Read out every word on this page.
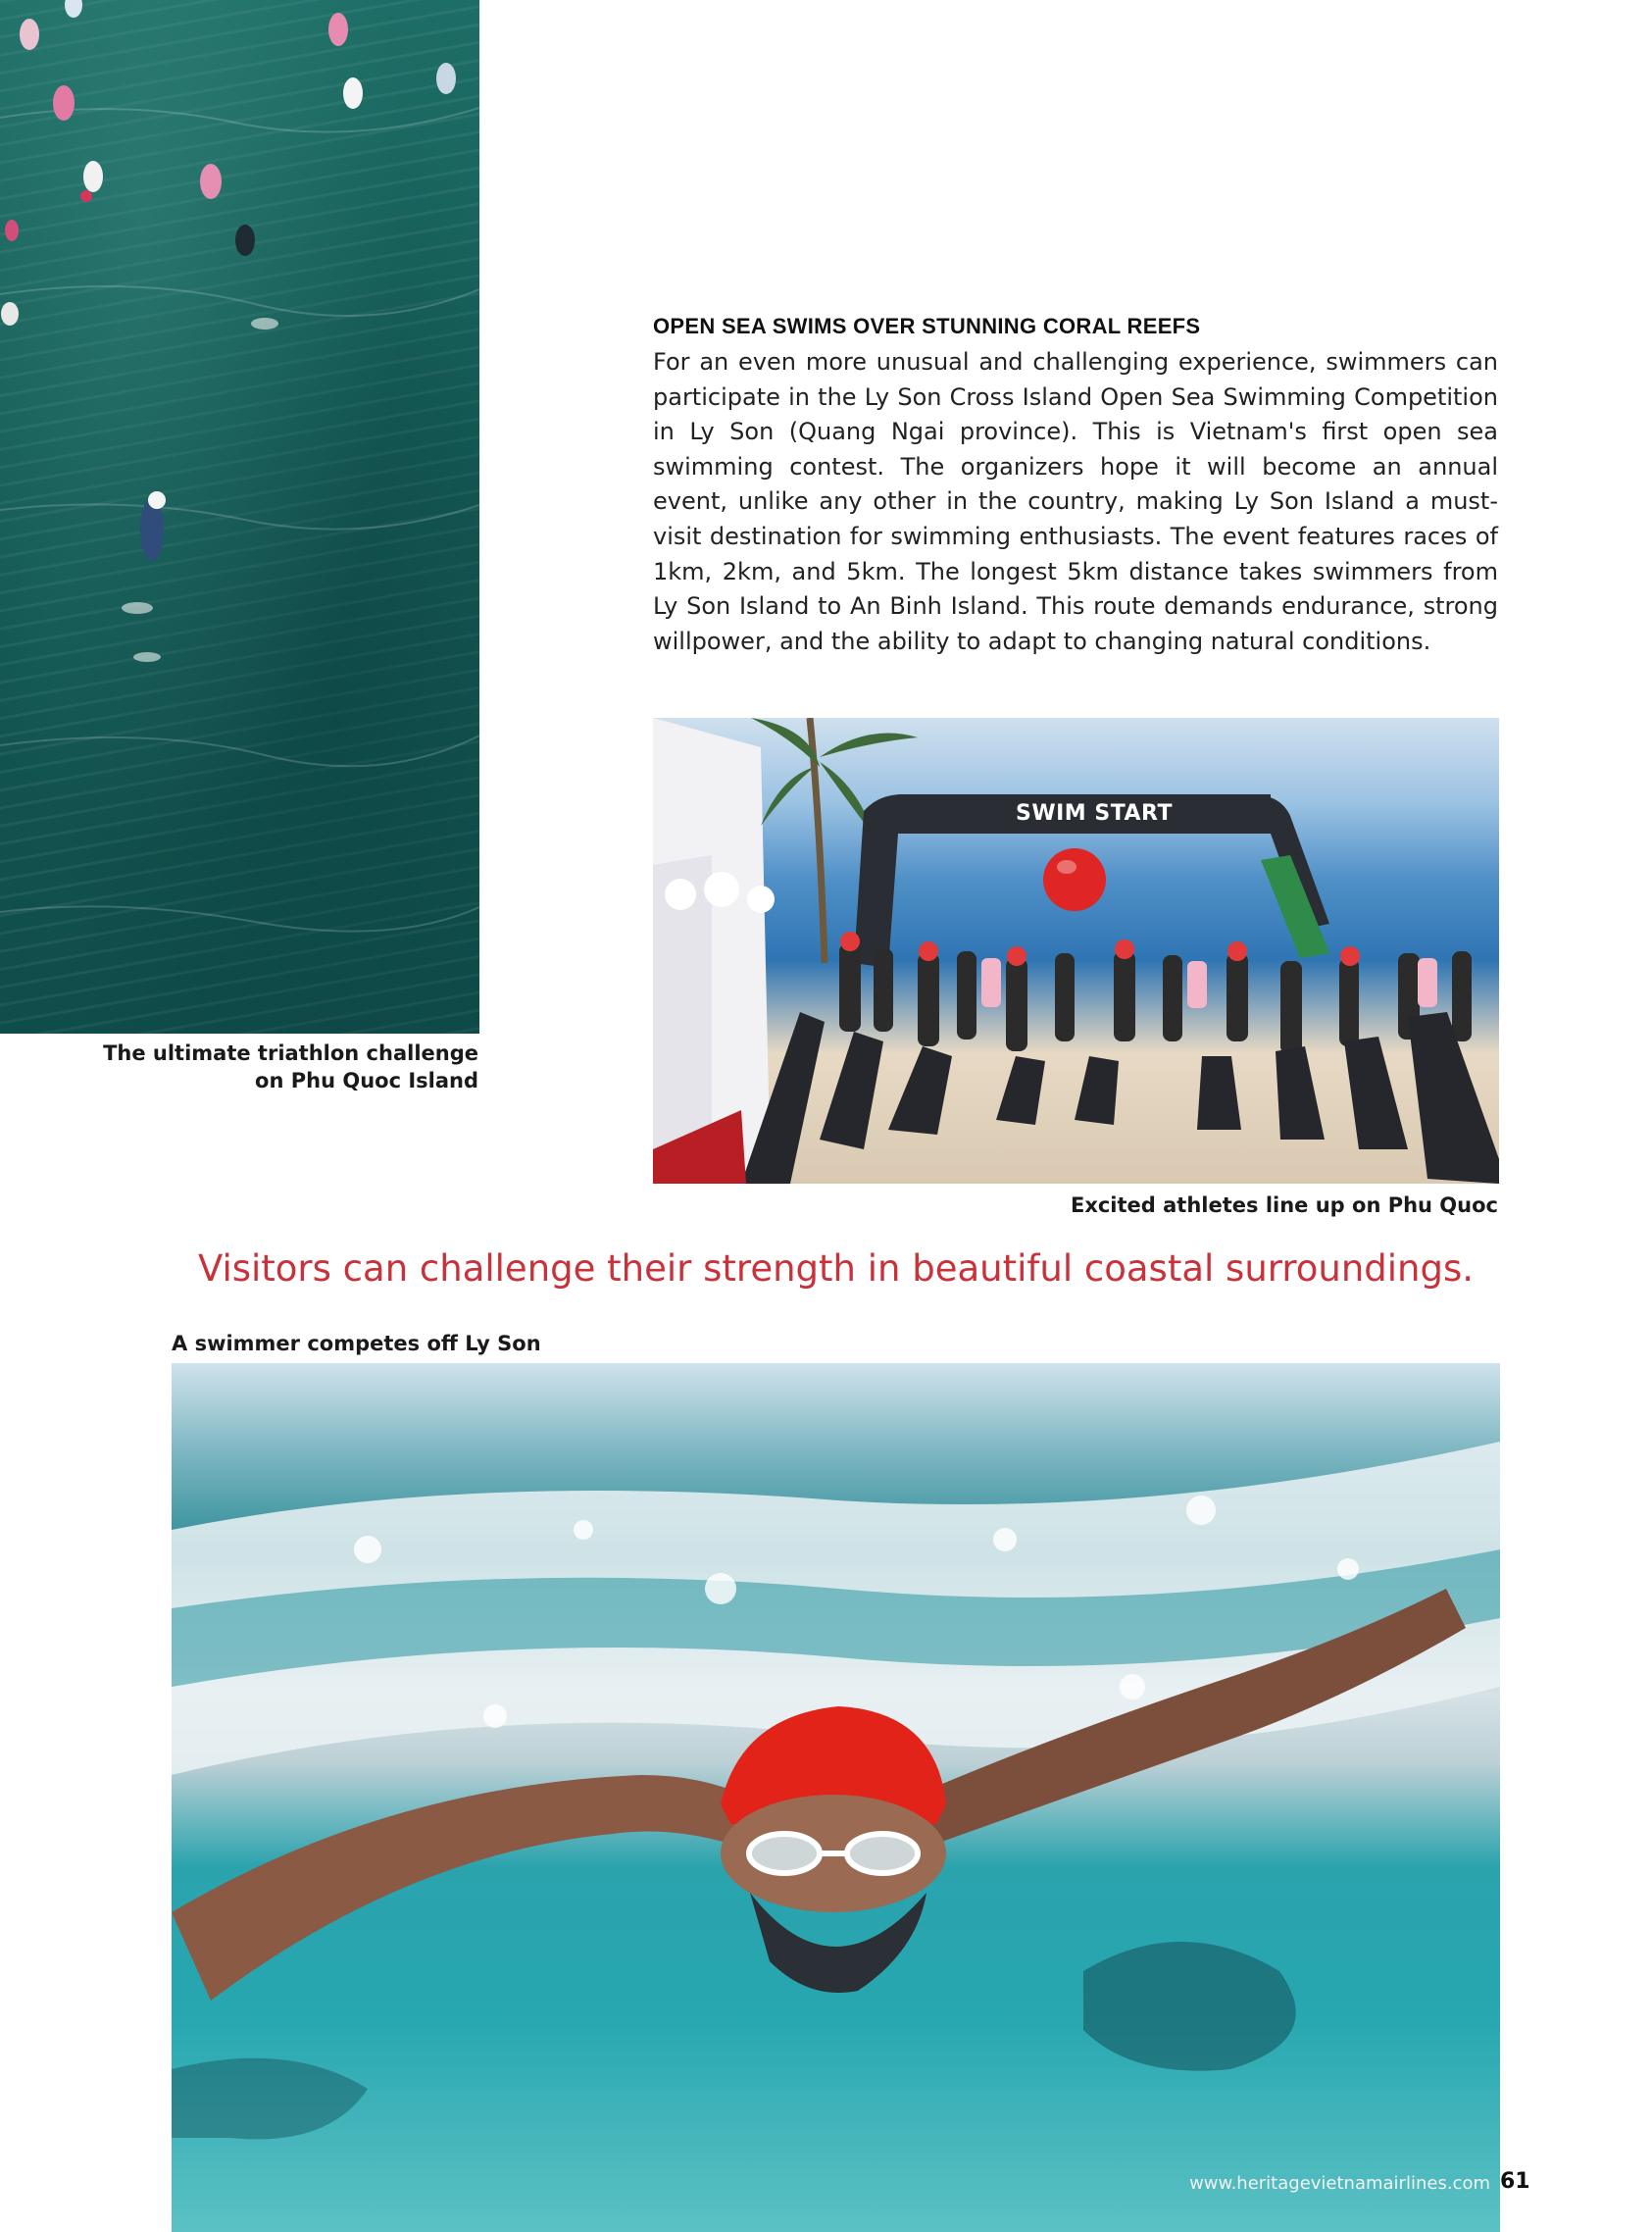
The ultimate triathlon challenge on Phu Quoc Island
OPEN SEA SWIMS OVER STUNNING CORAL REEFS

For an even more unusual and challenging experience, swimmers can participate in the Ly Son Cross Island Open Sea Swimming Competition in Ly Son (Quang Ngai province). This is Vietnam's first open sea swimming contest. The organizers hope it will become an annual event, unlike any other in the country, making Ly Son Island a must-visit destination for swimming enthusiasts. The event features races of 1km, 2km, and 5km. The longest 5km distance takes swimmers from Ly Son Island to An Binh Island. This route demands endurance, strong willpower, and the ability to adapt to changing natural conditions.

SWIM START
Excited athletes line up on Phu Quoc
Visitors can challenge their strength in beautiful coastal surroundings.
A swimmer competes off Ly Son
www.heritagevietnamairlines.com 61
